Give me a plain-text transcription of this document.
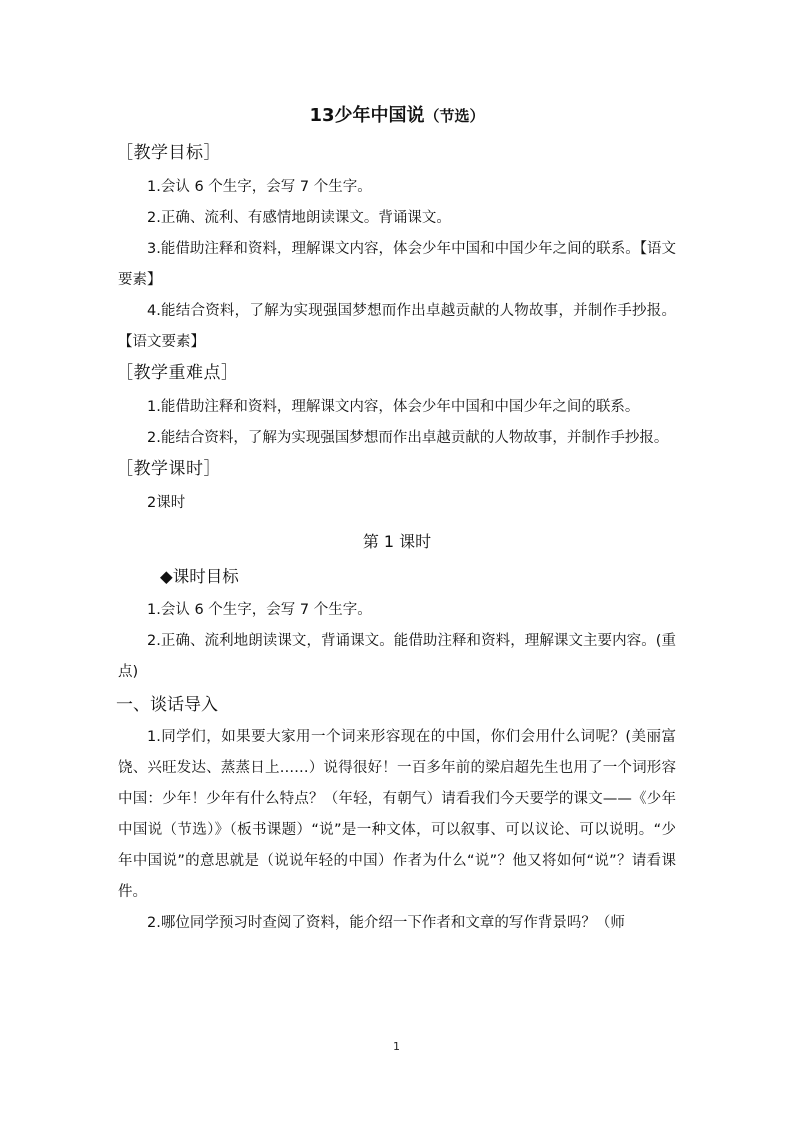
13少年中国说（节选）
［教学目标］

1.会认 6 个生字，会写 7 个生字。

2.正确、流利、有感情地朗读课文。背诵课文。

3.能借助注释和资料，理解课文内容，体会少年中国和中国少年之间的联系。【语文要素】

4.能结合资料，了解为实现强国梦想而作出卓越贡献的人物故事，并制作手抄报。【语文要素】

［教学重难点］

1.能借助注释和资料，理解课文内容，体会少年中国和中国少年之间的联系。

2.能结合资料，了解为实现强国梦想而作出卓越贡献的人物故事，并制作手抄报。

［教学课时］

2课时

第 1 课时
◆课时目标

1.会认 6 个生字，会写 7 个生字。

2.正确、流利地朗读课文，背诵课文。能借助注释和资料，理解课文主要内容。(重点)

一、谈话导入

1.同学们，如果要大家用一个词来形容现在的中国，你们会用什么词呢？(美丽富饶、兴旺发达、蒸蒸日上……）说得很好！一百多年前的梁启超先生也用了一个词形容中国：少年！少年有什么特点？（年轻，有朝气）请看我们今天要学的课文——《少年中国说（节选）》（板书课题）“说”是一种文体，可以叙事、可以议论、可以说明。“少年中国说”的意思就是（说说年轻的中国）作者为什么“说”？他又将如何“说”？请看课件。

2.哪位同学预习时查阅了资料，能介绍一下作者和文章的写作背景吗？（师

1
